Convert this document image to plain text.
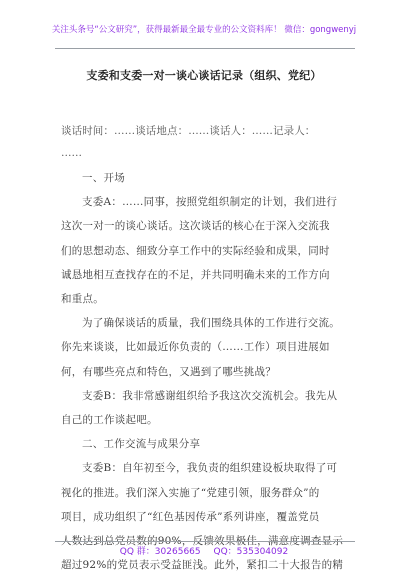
关注头条号“公文研究”，获得最新最全最专业的公文资料库！ 微信：gongwenyj
支委和支委一对一谈心谈话记录（组织、党纪）
谈话时间：……谈话地点：……谈话人：……记录人：
……
一、开场
支委A：……同事，按照党组织制定的计划，我们进行
这次一对一的谈心谈话。这次谈话的核心在于深入交流我
们的思想动态、细致分享工作中的实际经验和成果，同时
诚恳地相互查找存在的不足，并共同明确未来的工作方向
和重点。
为了确保谈话的质量，我们围绕具体的工作进行交流。
你先来谈谈，比如最近你负责的（……工作）项目进展如
何，有哪些亮点和特色，又遇到了哪些挑战？
支委B：我非常感谢组织给予我这次交流机会。我先从
自己的工作谈起吧。
二、工作交流与成果分享
支委B：自年初至今，我负责的组织建设板块取得了可
视化的推进。我们深入实施了“党建引领，服务群众”的
项目，成功组织了“红色基因传承”系列讲座，覆盖党员
人数达到总党员数的90%，反馈效果极佳，满意度调查显示
超过92%的党员表示受益匪浅。此外，紧扣二十大报告的精
QQ 群：30265665 QQ：535304092
